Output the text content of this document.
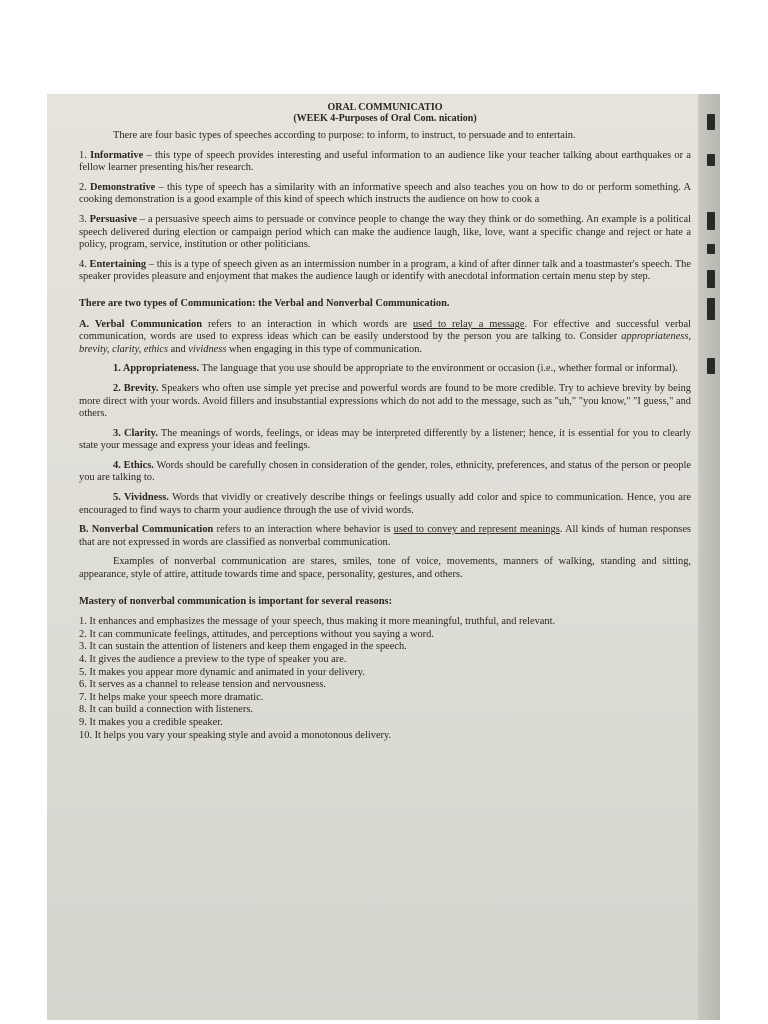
ORAL COMMUNICATIO

(WEEK 4-Purposes of Oral Com. nication)

There are four basic types of speeches according to purpose: to inform, to instruct, to persuade and to entertain.

1. Informative – this type of speech provides interesting and useful information to an audience like your teacher talking about earthquakes or a fellow learner presenting his/her research.

2. Demonstrative – this type of speech has a similarity with an informative speech and also teaches you on how to do or perform something. A cooking demonstration is a good example of this kind of speech which instructs the audience on how to cook a

3. Persuasive – a persuasive speech aims to persuade or convince people to change the way they think or do something. An example is a political speech delivered during election or campaign period which can make the audience laugh, like, love, want a specific change and reject or hate a policy, program, service, institution or other politicians.

4. Entertaining – this is a type of speech given as an intermission number in a program, a kind of after dinner talk and a toastmaster's speech. The speaker provides pleasure and enjoyment that makes the audience laugh or identify with anecdotal information certain menu step by step.

There are two types of Communication: the Verbal and Nonverbal Communication.

A. Verbal Communication refers to an interaction in which words are used to relay a message. For effective and successful verbal communication, words are used to express ideas which can be easily understood by the person you are talking to. Consider appropriateness, brevity, clarity, ethics and vividness when engaging in this type of communication.

1. Appropriateness. The language that you use should be appropriate to the environment or occasion (i.e., whether formal or informal).

2. Brevity. Speakers who often use simple yet precise and powerful words are found to be more credible. Try to achieve brevity by being more direct with your words. Avoid fillers and insubstantial expressions which do not add to the message, such as "uh," "you know," "I guess," and others.

3. Clarity. The meanings of words, feelings, or ideas may be interpreted differently by a listener; hence, it is essential for you to clearly state your message and express your ideas and feelings.

4. Ethics. Words should be carefully chosen in consideration of the gender, roles, ethnicity, preferences, and status of the person or people you are talking to.

5. Vividness. Words that vividly or creatively describe things or feelings usually add color and spice to communication. Hence, you are encouraged to find ways to charm your audience through the use of vivid words.

B. Nonverbal Communication refers to an interaction where behavior is used to convey and represent meanings. All kinds of human responses that are not expressed in words are classified as nonverbal communication.

Examples of nonverbal communication are stares, smiles, tone of voice, movements, manners of walking, standing and sitting, appearance, style of attire, attitude towards time and space, personality, gestures, and others.

Mastery of nonverbal communication is important for several reasons:

1. It enhances and emphasizes the message of your speech, thus making it more meaningful, truthful, and relevant.
2. It can communicate feelings, attitudes, and perceptions without you saying a word.
3. It can sustain the attention of listeners and keep them engaged in the speech.
4. It gives the audience a preview to the type of speaker you are.
5. It makes you appear more dynamic and animated in your delivery.
6. It serves as a channel to release tension and nervousness.
7. It helps make your speech more dramatic.
8. It can build a connection with listeners.
9. It makes you a credible speaker.
10. It helps you vary your speaking style and avoid a monotonous delivery.
